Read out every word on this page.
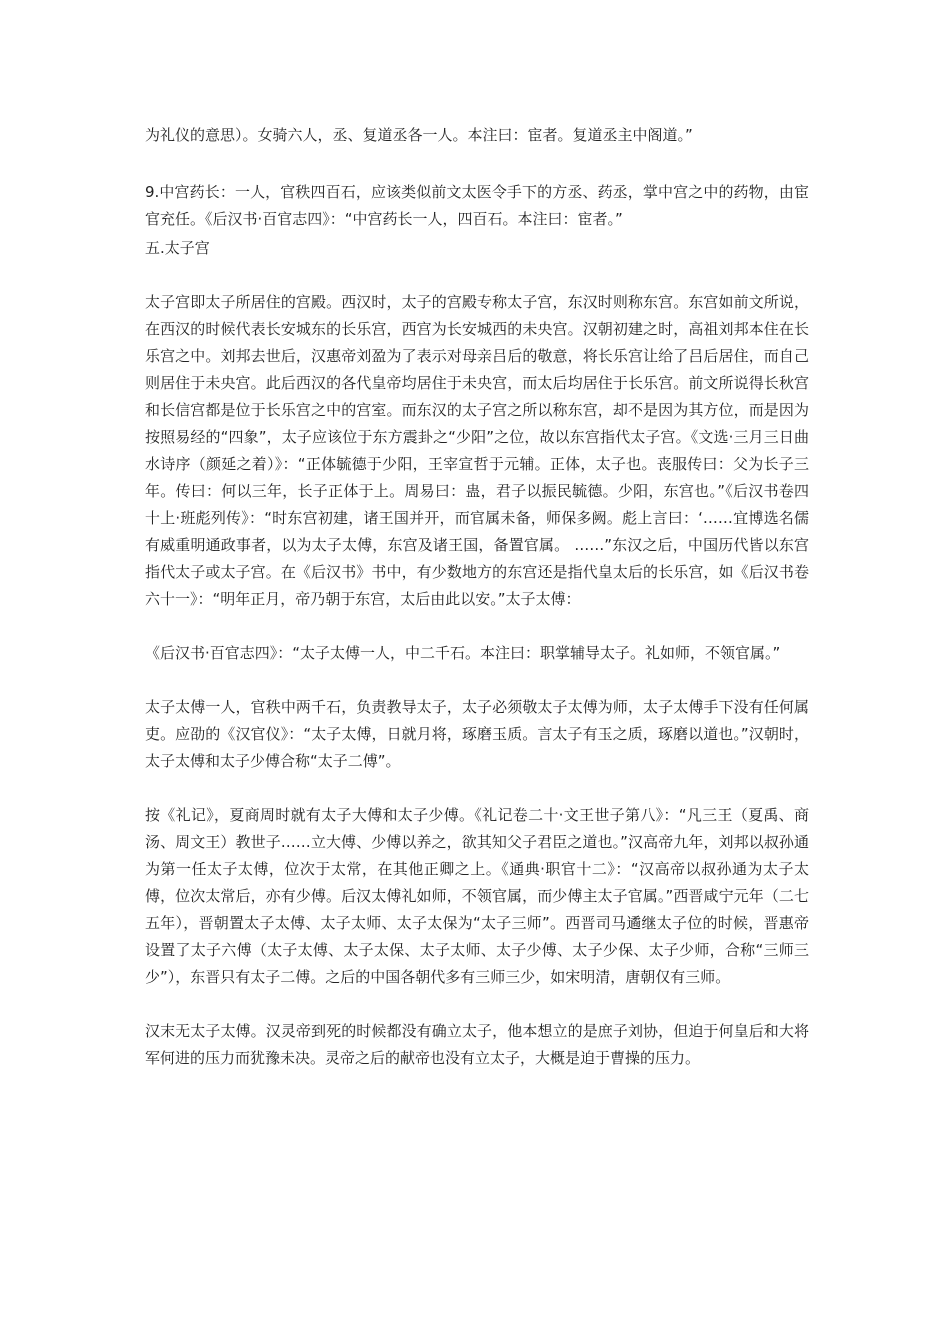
为礼仪的意思）。女骑六人，丞、复道丞各一人。本注曰：宦者。复道丞主中阁道。”

9.中宫药长：一人，官秩四百石，应该类似前文太医令手下的方丞、药丞，掌中宫之中的药物，由宦官充任。《后汉书·百官志四》：“中宫药长一人，四百石。本注曰：宦者。”

五.太子宫

太子宫即太子所居住的宫殿。西汉时，太子的宫殿专称太子宫，东汉时则称东宫。东宫如前文所说，在西汉的时候代表长安城东的长乐宫，西宫为长安城西的未央宫。汉朝初建之时，高祖刘邦本住在长乐宫之中。刘邦去世后，汉惠帝刘盈为了表示对母亲吕后的敬意，将长乐宫让给了吕后居住，而自己则居住于未央宫。此后西汉的各代皇帝均居住于未央宫，而太后均居住于长乐宫。前文所说得长秋宫和长信宫都是位于长乐宫之中的宫室。而东汉的太子宫之所以称东宫，却不是因为其方位，而是因为按照易经的“四象”，太子应该位于东方震卦之“少阳”之位，故以东宫指代太子宫。《文选·三月三日曲水诗序（颜延之着）》：“正体毓德于少阳，王宰宣哲于元辅。正体，太子也。丧服传曰：父为长子三年。传曰：何以三年，长子正体于上。周易曰：蛊，君子以振民毓德。少阳，东宫也。”《后汉书卷四十上·班彪列传》：“时东宫初建，诸王国并开，而官属未备，师保多阙。彪上言曰：‘……宜博选名儒有威重明通政事者，以为太子太傅，东宫及诸王国，备置官属。 ……”东汉之后，中国历代皆以东宫指代太子或太子宫。在《后汉书》书中，有少数地方的东宫还是指代皇太后的长乐宫，如《后汉书卷六十一》：“明年正月，帝乃朝于东宫，太后由此以安。”太子太傅：

《后汉书·百官志四》：“太子太傅一人，中二千石。本注曰：职掌辅导太子。礼如师，不领官属。”

太子太傅一人，官秩中两千石，负责教导太子，太子必须敬太子太傅为师，太子太傅手下没有任何属吏。应劭的《汉官仪》：“太子太傅，日就月将，琢磨玉质。言太子有玉之质，琢磨以道也。”汉朝时，太子太傅和太子少傅合称“太子二傅”。

按《礼记》，夏商周时就有太子大傅和太子少傅。《礼记卷二十·文王世子第八》：“凡三王（夏禹、商汤、周文王）教世子……立大傅、少傅以养之，欲其知父子君臣之道也。”汉高帝九年，刘邦以叔孙通为第一任太子太傅，位次于太常，在其他正卿之上。《通典·职官十二》：“汉高帝以叔孙通为太子太傅，位次太常后，亦有少傅。后汉太傅礼如师，不领官属，而少傅主太子官属。”西晋咸宁元年（二七五年），晋朝置太子太傅、太子太师、太子太保为“太子三师”。西晋司马遹继太子位的时候，晋惠帝设置了太子六傅（太子太傅、太子太保、太子太师、太子少傅、太子少保、太子少师，合称“三师三少”），东晋只有太子二傅。之后的中国各朝代多有三师三少，如宋明清，唐朝仅有三师。

汉末无太子太傅。汉灵帝到死的时候都没有确立太子，他本想立的是庶子刘协，但迫于何皇后和大将军何进的压力而犹豫未决。灵帝之后的献帝也没有立太子，大概是迫于曹操的压力。
